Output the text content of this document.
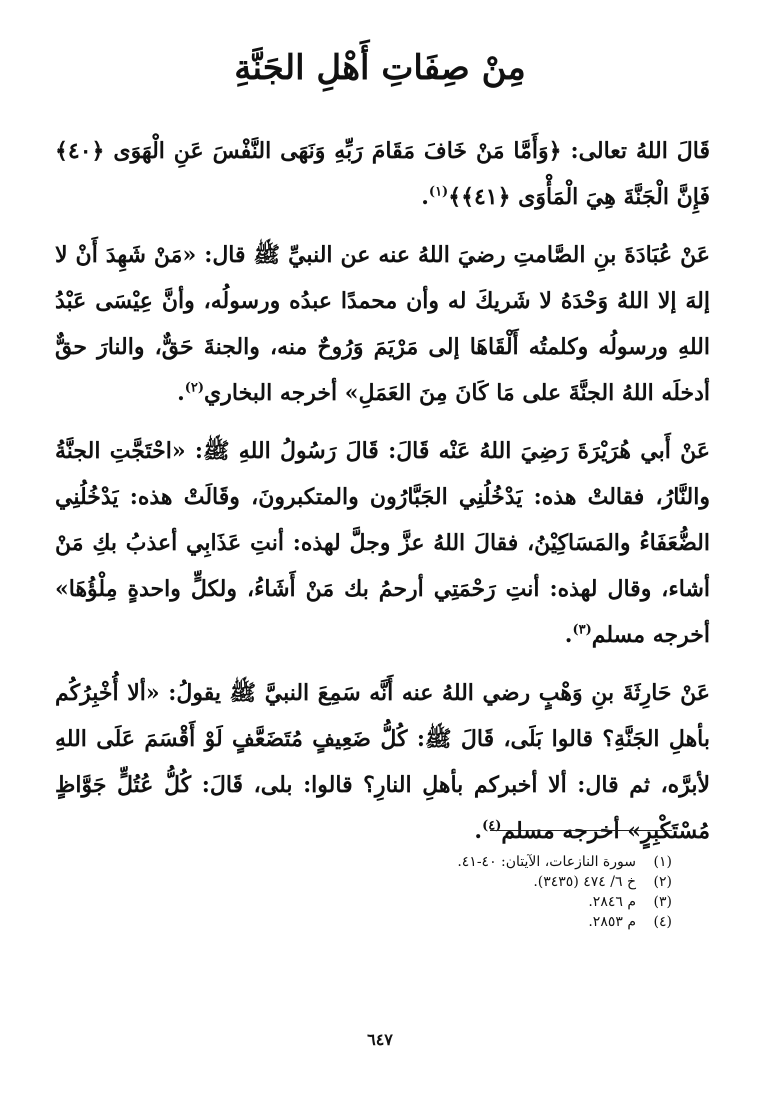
مِنْ صِفَاتِ أَهْلِ الجَنَّةِ

قَالَ اللهُ تعالى: ﴿وَأَمَّا مَنْ خَافَ مَقَامَ رَبِّهِ وَنَهَى النَّفْسَ عَنِ الْهَوَى ﴿٤٠﴾ فَإِنَّ الْجَنَّةَ هِيَ الْمَأْوَى ﴿٤١﴾﴾$^{(١)}$.

عَنْ عُبَادَةَ بنِ الصَّامتِ رضيَ اللهُ عنه عن النبيِّ ﷺ قال: «مَنْ شَهِدَ أَنْ لا إلهَ إلا اللهُ وَحْدَهُ لا شَريكَ له وأن محمدًا عبدُه ورسولُه، وأنَّ عِيْسَى عَبْدُ اللهِ ورسولُه وكلمتُه أَلْقَاهَا إلى مَرْيَمَ وَرُوحٌ منه، والجنةَ حَقٌّ، والنارَ حقٌّ أدخلَه اللهُ الجنَّةَ على مَا كَانَ مِنَ العَمَلِ» أخرجه البخاري$^{(٢)}$.

عَنْ أَبي هُرَيْرَةَ رَضِيَ اللهُ عَنْه قَالَ: قَالَ رَسُولُ اللهِ ﷺ: «احْتَجَّتِ الجنَّةُ والنَّارُ، فقالتْ هذه: يَدْخُلُنِي الجَبَّارُون والمتكبرونَ، وقَالَتْ هذه: يَدْخُلُنِي الضُّعَفَاءُ والمَسَاكِيْنُ، فقالَ اللهُ عزَّ وجلَّ لهذه: أنتِ عَذَابِي أعذبُ بكِ مَنْ أشاء، وقال لهذه: أنتِ رَحْمَتِي أرحمُ بك مَنْ أَشَاءُ، ولكلٍّ واحدةٍ مِلْؤُهَا» أخرجه مسلم$^{(٣)}$.

عَنْ حَارِثَةَ بنِ وَهْبٍ رضي اللهُ عنه أَنَّه سَمِعَ النبيَّ ﷺ يقولُ: «ألا أُخْبِرُكُم بأهلِ الجَنَّةِ؟ قالوا بَلَى، قَالَ ﷺ: كُلُّ ضَعِيفٍ مُتَضَعَّفٍ لَوْ أَقْسَمَ عَلَى اللهِ لأبرَّه، ثم قال: ألا أخبركم بأهلِ النارِ؟ قالوا: بلى، قَالَ: كُلُّ عُتُلٍّ جَوَّاظٍ مُسْتَكْبِرٍ» أخرجه مسلم$^{(٤)}$.

(١)
سورة النازعات، الآيتان: ٤٠-٤١.
(٢)
خ ٦/ ٤٧٤ (٣٤٣٥).
(٣)
م ٢٨٤٦.
(٤)
م ٢٨٥٣.
٦٤٧
